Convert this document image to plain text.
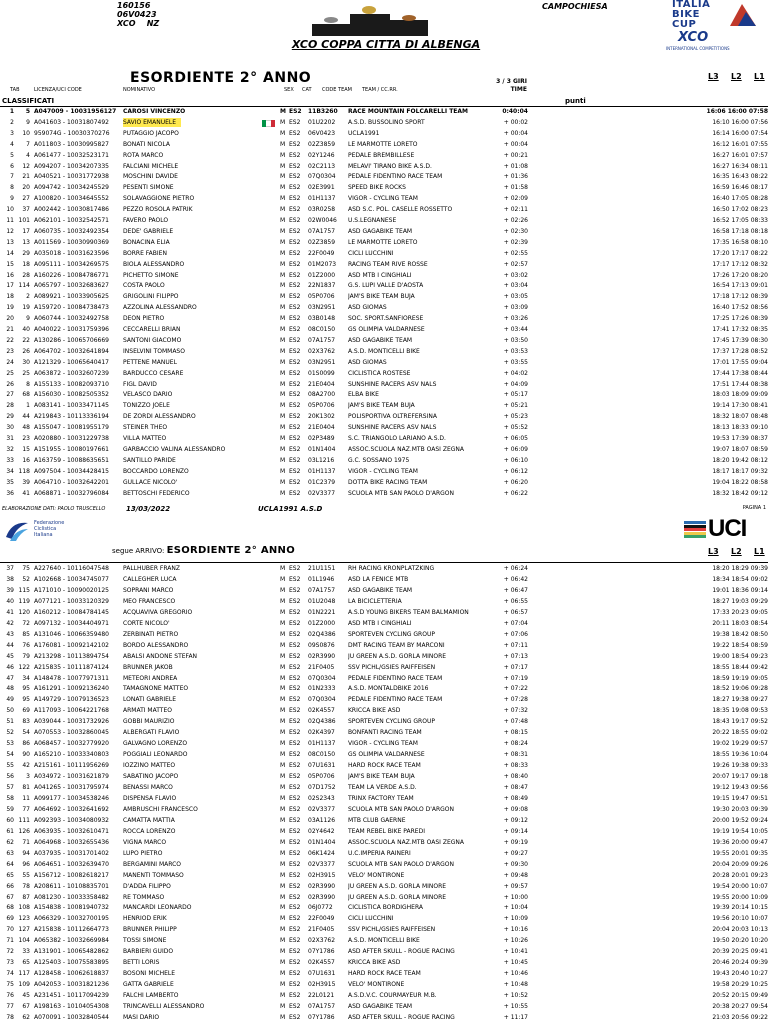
160156
06V0423
XCO    NZ
XCO COPPA CITTA DI ALBENGA
CAMPOCHIESA	ITALIA
BIKE
CUP
XCO
INTERNATIONAL COMPETITIONS
ESORDIENTE 2° ANNO	3 / 3 GIRI
TIME
L3 L2 L1
TAB	LICENZA/UCI CODE	NOMINATIVO	SEX CAT CODE TEAM TEAM / CC.RR.
CLASSIFICATI	punti
1	5 A047009 - 10031956127	CAROSI VINCENZO	M ES2	11B3260	RACE MOUNTAIN FOLCARELLI TEAM	0:40:04	16:06 16:00 07:58
2	9 A041603 - 10031807492	SAVIO EMANUELE	M ES2	01U2202	A.S.D. BUSSOLINO SPORT	+ 00:02	16:10 16:00 07:56
3	10 959074G - 10030370276	PUTAGGIO JACOPO	M ES2	06V0423	UCLA1991	+ 00:04	16:14 16:00 07:54
4	7 A011803 - 10030995827	BONATI NICOLA	M ES2	02Z3859	LE MARMOTTE LORETO	+ 00:04	16:12 16:01 07:55
5	4 A061477 - 10032523171	ROTA MARCO	M ES2	02Y1246	PEDALE BREMBILLESE	+ 00:21	16:27 16:01 07:57
6	12 A094207 - 10034207335	FALCIANI MICHELE	M ES2	02C2113	MELAVI' TIRANO BIKE A.S.D.	+ 01:08	16:27 16:34 08:11
7	21 A040521 - 10031772938	MOSCHINI DAVIDE	M ES2	07Q0304	PEDALE FIDENTINO RACE TEAM	+ 01:36	16:35 16:43 08:22
8	20 A094742 - 10034245529	PESENTI SIMONE	M ES2	02E3991	SPEED BIKE ROCKS	+ 01:58	16:59 16:46 08:17
9	27 A100820 - 10034645552	SOLAVAGGIONE PIETRO	M ES2	01H1137	VIGOR - CYCLING TEAM	+ 02:09	16:40 17:05 08:28
10	37 A002442 - 10030817486	PEZZO ROSOLA PATRIK	M ES2	03R0258	ASD S.C. POL. CASELLE ROSSETTO	+ 02:11	16:50 17:02 08:23
11 101 A062101 - 10032542571	FAVERO PAOLO	M ES2	02W0046	U.S.LEGNANESE	+ 02:26	16:52 17:05 08:33
12	17 A060735 - 10032492354	DEDE' GABRIELE	M ES2	07A1757	ASD GAGABIKE TEAM	+ 02:30	16:58 17:18 08:18
13	13 A011569 - 10030990369	BONACINA ELIA	M ES2	02Z3859	LE MARMOTTE LORETO	+ 02:39	17:35 16:58 08:10
14	29 A035018 - 10031623596	BORRE FABIEN	M ES2	22F0049	CICLI LUCCHINI	+ 02:55	17:20 17:17 08:22
15	18 A095111 - 10034269575	BIOLA ALESSANDRO	M ES2	01M2073	RACING TEAM RIVE ROSSE	+ 02:57	17:17 17:12 08:32
16	28 A160226 - 10084786771	PICHETTO SIMONE	M ES2	01Z2000	ASD MTB I CINGHIALI	+ 03:02	17:26 17:20 08:20
17 114 A065797 - 10032683627	COSTA PAOLO	M ES2	22N1837	G.S. LUPI VALLE D'AOSTA	+ 03:04	16:54 17:13 09:01
18	2 A089921 - 10033905625	GRIGOLINI FILIPPO	M ES2	05P0706	JAM'S BIKE TEAM BUJA	+ 03:05	17:18 17:12 08:39
19	19 A159720 - 10084738473	AZZOLINA ALESSANDRO	M ES2	03N2951	ASD GIOMAS	+ 03:09	16:40 17:52 08:56
20	9 A060744 - 10032492758	DEON PIETRO	M ES2	03B0148	SOC. SPORT.SANFIORESE	+ 03:26	17:25 17:26 08:39
21	40 A040022 - 10031759396	CECCARELLI BRIAN	M ES2	08C0150	GS OLIMPIA VALDARNESE	+ 03:44	17:41 17:32 08:35
22	22 A130286 - 10065706669	SANTONI GIACOMO	M ES2	07A1757	ASD GAGABIKE TEAM	+ 03:50	17:45 17:39 08:30
23	26 A064702 - 10032641894	INSELVINI TOMMASO	M ES2	02X3762	A.S.D. MONTICELLI BIKE	+ 03:53	17:37 17:28 08:52
24	30 A121329 - 10065640417	PETTENE MANUEL	M ES2	03N2951	ASD GIOMAS	+ 03:55	17:01 17:55 09:04
25	25 A063872 - 10032607239	BARDUCCO CESARE	M ES2	01S0099	CICLISTICA ROSTESE	+ 04:02	17:44 17:38 08:44
26	8 A155133 - 10082093710	FIGL DAVID	M ES2	21E0404	SUNSHINE RACERS ASV NALS	+ 04:09	17:51 17:44 08:38
27	68 A156030 - 10082505352	VELASCO DARIO	M ES2	08A2700	ELBA BIKE	+ 05:17	18:03 18:09 09:09
28	1 A083141 - 10033471145	TONIZZO JOELE	M ES2	05P0706	JAM'S BIKE TEAM BUJA	+ 05:21	19:14 17:30 08:41
29	44 A219843 - 10113336194	DE ZORDI ALESSANDRO	M ES2	20K1302	POLISPORTIVA OLTREFERSINA	+ 05:23	18:32 18:07 08:48
30	48 A155047 - 10081955179	STEINER THEO	M ES2	21E0404	SUNSHINE RACERS ASV NALS	+ 05:52	18:13 18:33 09:10
31	23 A020880 - 10031229738	VILLA MATTEO	M ES2	02P3489	S.C. TRIANGOLO LARIANO A.S.D.	+ 06:05	19:53 17:39 08:37
32	15 A151955 - 10080197661	GARBACCIO VALINA ALESSANDRO	M ES2	01N1404	ASSOC.SCUOLA NAZ.MTB OASI ZEGNA	+ 06:09	19:07 18:07 08:59
33	16 A163759 - 10088635651	SANTILLO PARIDE	M ES2	03L1216	G.C. SOSSANO 1975	+ 06:10	18:20 19:42 08:12
34 118 A097504 - 10034428415	BOCCARDO LORENZO	M ES2	01H1137	VIGOR - CYCLING TEAM	+ 06:12	18:17 18:17 09:32
35	39 A064710 - 10032642201	GULLACE NICOLO'	M ES2	01C2379	DOTTA BIKE RACING TEAM	+ 06:20	19:04 18:22 08:58
36	41 A068871 - 10032796084	BETTOSCHI FEDERICO	M ES2	02V3377	SCUOLA MTB SAN PAOLO D'ARGON	+ 06:22	18:32 18:42 09:12
ELABORAZIONE DATI: PAOLO TRUSCELLO	13/03/2022	UCLA1991 A.S.D	PAGINA 1
Federazione
Ciclistica
Italiana	UCI
segue ARRIVO: ESORDIENTE 2° ANNO	L3 L2 L1
37	75 A227640 - 10116047548	PALLHUBER FRANZ	M ES2	21U1151	RH RACING KRONPLATZKING	+ 06:24	18:20 18:29 09:39
38	52 A102668 - 10034745077	CALLEGHER LUCA	M ES2	01L1946	ASD LA FENICE MTB	+ 06:42	18:34 18:54 09:02
39 115 A171010 - 10090020125	SOPRANI MARCO	M ES2	07A1757	ASD GAGABIKE TEAM	+ 06:47	19:01 18:36 09:14
40 119 A077121 - 10033120329	MEO FRANCESCO	M ES2	01U2048	LA BICICLETTERIA	+ 06:55	18:27 19:03 09:29
41 120 A160212 - 10084784145	ACQUAVIVA GREGORIO	M ES2	01N2221	A.S.D YOUNG BIKERS TEAM BALMAMION	+ 06:57	17:33 20:23 09:05
42	72 A097132 - 10034404971	CORTE NICOLO'	M ES2	01Z2000	ASD MTB I CINGHIALI	+ 07:04	20:11 18:03 08:54
43	85 A131046 - 10066359480	ZERBINATI PIETRO	M ES2	02Q4386	SPORTEVEN CYCLING GROUP	+ 07:06	19:38 18:42 08:50
44	76 A176081 - 10092142102	BORDO ALESSANDRO	M ES2	09S0876	DMT RACING TEAM BY MARCONI	+ 07:11	19:22 18:54 08:59
45	79 A213298 - 10113894754	ABALSI ANDONE STEFAN	M ES2	02R3990	JU GREEN A.S.D. GORLA MINORE	+ 07:13	19:00 18:54 09:23
46 122 A215835 - 10111874124	BRUNNER JAKOB	M ES2	21F0405	SSV PICHL/GSIES RAIFFEISEN	+ 07:17	18:55 18:44 09:42
47	34 A148478 - 10077971311	METEORI ANDREA	M ES2	07Q0304	PEDALE FIDENTINO RACE TEAM	+ 07:19	18:59 19:19 09:05
48	95 A161291 - 10092136240	TAMAGNONE MATTEO	M ES2	01N2333	A.S.D. MONTALDBIKE 2016	+ 07:22	18:52 19:06 09:28
49	95 A149729 - 10079136523	LONATI GABRIELE	M ES2	07Q0304	PEDALE FIDENTINO RACE TEAM	+ 07:28	18:27 19:38 09:27
50	69 A117093 - 10064221768	ARMATI MATTEO	M ES2	02K4557	KRICCA BIKE ASD	+ 07:32	18:35 19:08 09:53
51	83 A039044 - 10031732926	GOBBI MAURIZIO	M ES2	02Q4386	SPORTEVEN CYCLING GROUP	+ 07:48	18:43 19:17 09:52
52	54 A070553 - 10032860045	ALBERGATI FLAVIO	M ES2	02K4397	BONFANTI RACING TEAM	+ 08:15	20:22 18:55 09:02
53	86 A068457 - 10032779920	GALVAGNO LORENZO	M ES2	01H1137	VIGOR - CYCLING TEAM	+ 08:24	19:02 19:29 09:57
54	90 A165210 - 10033340803	POGGIALI LEONARDO	M ES2	08C0150	GS OLIMPIA VALDARNESE	+ 08:31	18:55 19:36 10:04
55	42 A215161 - 10111956269	IOZZINO MATTEO	M ES2	07U1631	HARD ROCK RACE TEAM	+ 08:33	19:26 19:38 09:33
56	3 A034972 - 10031621879	SABATINO JACOPO	M ES2	05P0706	JAM'S BIKE TEAM BUJA	+ 08:40	20:07 19:17 09:18
57	81 A041265 - 10031795974	BENASSI MARCO	M ES2	07D1752	TEAM LA VERDE A.S.D.	+ 08:47	19:12 19:43 09:56
58	11 A099177 - 10034538246	DISPENSA FLAVIO	M ES2	02S2343	TRINX FACTORY TEAM	+ 08:49	19:15 19:47 09:51
59	77 A064692 - 10032641692	AMBRUSCHI FRANCESCO	M ES2	02V3377	SCUOLA MTB SAN PAOLO D'ARGON	+ 09:08	19:30 20:03 09:39
60 111 A092393 - 10034080932	CAMATTA MATTIA	M ES2	03A1126	MTB CLUB GAERNE	+ 09:12	20:00 19:52 09:24
61 126 A063935 - 10032610471	ROCCA LORENZO	M ES2	02Y4642	TEAM REBEL BIKE PAREDI	+ 09:14	19:19 19:54 10:05
62	71 A064968 - 10032655436	VIGNA MARCO	M ES2	01N1404	ASSOC.SCUOLA NAZ.MTB OASI ZEGNA	+ 09:19	19:36 20:00 09:47
63	94 A037935 - 10031701402	LUPO PIETRO	M ES2	06K1424	U.C.IMPERIA RAINERI	+ 09:27	19:55 20:01 09:35
64	96 A064651 - 10032639470	BERGAMINI MARCO	M ES2	02V3377	SCUOLA MTB SAN PAOLO D'ARGON	+ 09:30	20:04 20:09 09:26
65	55 A156712 - 10082618217	MANENTI TOMMASO	M ES2	02H3915	VELO' MONTIRONE	+ 09:48	20:28 20:01 09:23
66	78 A208611 - 10108835701	D'ADDA FILIPPO	M ES2	02R3990	JU GREEN A.S.D. GORLA MINORE	+ 09:57	19:54 20:00 10:07
67	87 A081230 - 10033358482	RE TOMMASO	M ES2	02R3990	JU GREEN A.S.D. GORLA MINORE	+ 10:00	19:55 20:00 10:09
68 108 A154838 - 10081940732	MANCARDI LEONARDO	M ES2	06J0772	CICLISTICA BORDIGHERA	+ 10:04	19:39 20:14 10:15
69 123 A066329 - 10032700195	HENRIOD ERIK	M ES2	22F0049	CICLI LUCCHINI	+ 10:09	19:56 20:10 10:07
70 127 A215838 - 10112664773	BRUNNER PHILIPP	M ES2	21F0405	SSV PICHL/GSIES RAIFFEISEN	+ 10:16	20:04 20:03 10:13
71 104 A065382 - 10032669984	TOSSI SIMONE	M ES2	02X3762	A.S.D. MONTICELLI BIKE	+ 10:26	19:50 20:20 10:20
72	33 A131901 - 10065482862	BARBIERI GUIDO	M ES2	07Y1786	ASD AFTER SKULL - ROGUE RACING	+ 10:41	20:39 20:25 09:41
73	65 A125403 - 10075583895	BETTI LORIS	M ES2	02K4557	KRICCA BIKE ASD	+ 10:45	20:46 20:24 09:39
74 117 A128458 - 10062618837	BOSONI MICHELE	M ES2	07U1631	HARD ROCK RACE TEAM	+ 10:46	19:43 20:40 10:27
75 109 A042053 - 10031821236	GATTA GABRIELE	M ES2	02H3915	VELO' MONTIRONE	+ 10:48	19:58 20:29 10:25
76	45 A231451 - 10117094239	FALCHI LAMBERTO	M ES2	22L0121	A.S.D.V.C. COURMAYEUR M.B.	+ 10:52	20:52 20:15 09:49
77	67 A198163 - 10104054308	TRINCAVELLI ALESSANDRO	M ES2	07A1757	ASD GAGABIKE TEAM	+ 10:55	20:38 20:27 09:54
78	62 A070091 - 10032840544	MASI DARIO	M ES2	07Y1786	ASD AFTER SKULL - ROGUE RACING	+ 11:17	21:03 20:56 09:22
